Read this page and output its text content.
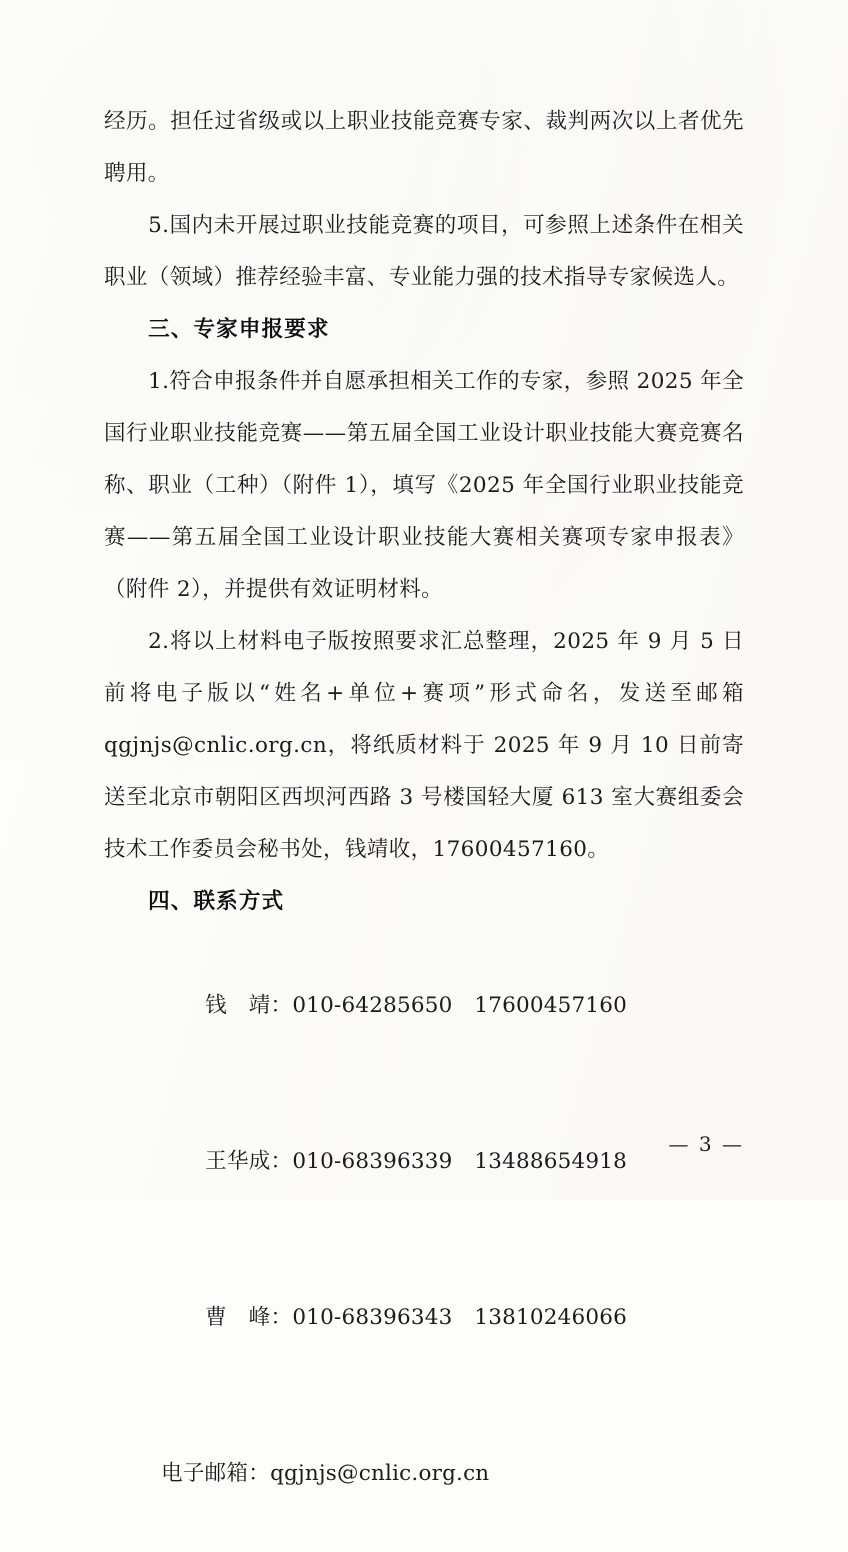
经历。担任过省级或以上职业技能竞赛专家、裁判两次以上者优先聘用。

5.国内未开展过职业技能竞赛的项目，可参照上述条件在相关职业（领域）推荐经验丰富、专业能力强的技术指导专家候选人。

三、专家申报要求

1.符合申报条件并自愿承担相关工作的专家，参照 2025 年全国行业职业技能竞赛——第五届全国工业设计职业技能大赛竞赛名称、职业（工种）（附件 1），填写《2025 年全国行业职业技能竞赛——第五届全国工业设计职业技能大赛相关赛项专家申报表》（附件 2），并提供有效证明材料。

2.将以上材料电子版按照要求汇总整理，2025 年 9 月 5 日前将电子版以“姓名+单位+赛项”形式命名，发送至邮箱 qgjnjs@cnlic.org.cn，将纸质材料于 2025 年 9 月 10 日前寄送至北京市朝阳区西坝河西路 3 号楼国轻大厦 613 室大赛组委会技术工作委员会秘书处，钱靖收，17600457160。

四、联系方式

钱　靖：010-64285650　 17600457160

王华成：010-68396339　 13488654918

曹　峰：010-68396343　 13810246066

电子邮箱：qgjnjs@cnlic.org.cn

— 3 —
